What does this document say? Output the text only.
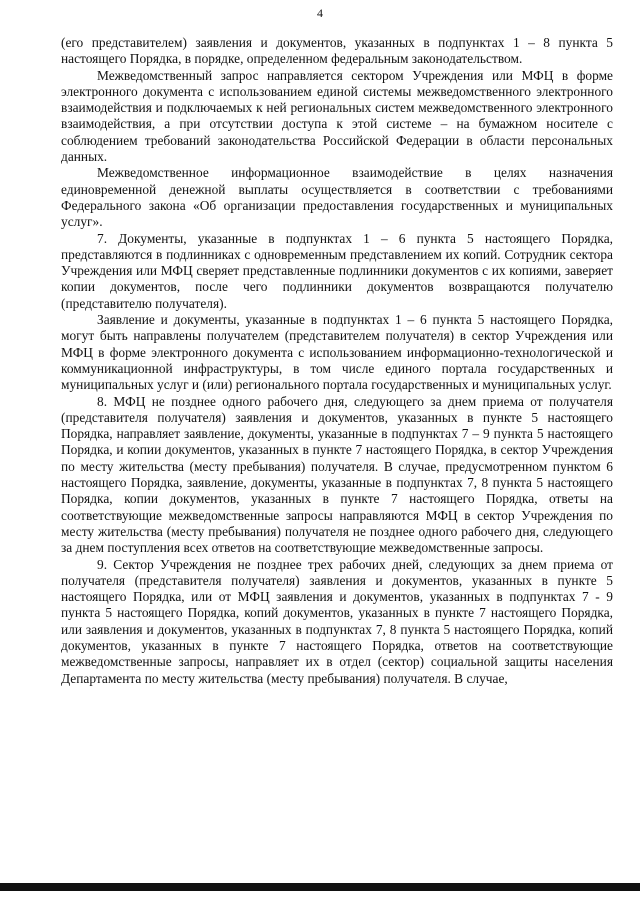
4

(его представителем) заявления и документов, указанных в подпунктах 1 – 8 пункта 5 настоящего Порядка, в порядке, определенном федеральным законодательством.

Межведомственный запрос направляется сектором Учреждения или МФЦ в форме электронного документа с использованием единой системы межведомственного электронного взаимодействия и подключаемых к ней региональных систем межведомственного электронного взаимодействия, а при отсутствии доступа к этой системе – на бумажном носителе с соблюдением требований законодательства Российской Федерации в области персональных данных.

Межведомственное информационное взаимодействие в целях назначения единовременной денежной выплаты осуществляется в соответствии с требованиями Федерального закона «Об организации предоставления государственных и муниципальных услуг».

7. Документы, указанные в подпунктах 1 – 6 пункта 5 настоящего Порядка, представляются в подлинниках с одновременным представлением их копий. Сотрудник сектора Учреждения или МФЦ сверяет представленные подлинники документов с их копиями, заверяет копии документов, после чего подлинники документов возвращаются получателю (представителю получателя).

Заявление и документы, указанные в подпунктах 1 – 6 пункта 5 настоящего Порядка, могут быть направлены получателем (представителем получателя) в сектор Учреждения или МФЦ в форме электронного документа с использованием информационно-технологической и коммуникационной инфраструктуры, в том числе единого портала государственных и муниципальных услуг и (или) регионального портала государственных и муниципальных услуг.

8. МФЦ не позднее одного рабочего дня, следующего за днем приема от получателя (представителя получателя) заявления и документов, указанных в пункте 5 настоящего Порядка, направляет заявление, документы, указанные в подпунктах 7 – 9 пункта 5 настоящего Порядка, и копии документов, указанных в пункте 7 настоящего Порядка, в сектор Учреждения по месту жительства (месту пребывания) получателя. В случае, предусмотренном пунктом 6 настоящего Порядка, заявление, документы, указанные в подпунктах 7, 8 пункта 5 настоящего Порядка, копии документов, указанных в пункте 7 настоящего Порядка, ответы на соответствующие межведомственные запросы направляются МФЦ в сектор Учреждения по месту жительства (месту пребывания) получателя не позднее одного рабочего дня, следующего за днем поступления всех ответов на соответствующие межведомственные запросы.

9. Сектор Учреждения не позднее трех рабочих дней, следующих за днем приема от получателя (представителя получателя) заявления и документов, указанных в пункте 5 настоящего Порядка, или от МФЦ заявления и документов, указанных в подпунктах 7 - 9 пункта 5 настоящего Порядка, копий документов, указанных в пункте 7 настоящего Порядка, или заявления и документов, указанных в подпунктах 7, 8 пункта 5 настоящего Порядка, копий документов, указанных в пункте 7 настоящего Порядка, ответов на соответствующие межведомственные запросы, направляет их в отдел (сектор) социальной защиты населения Департамента по месту жительства (месту пребывания) получателя. В случае,
